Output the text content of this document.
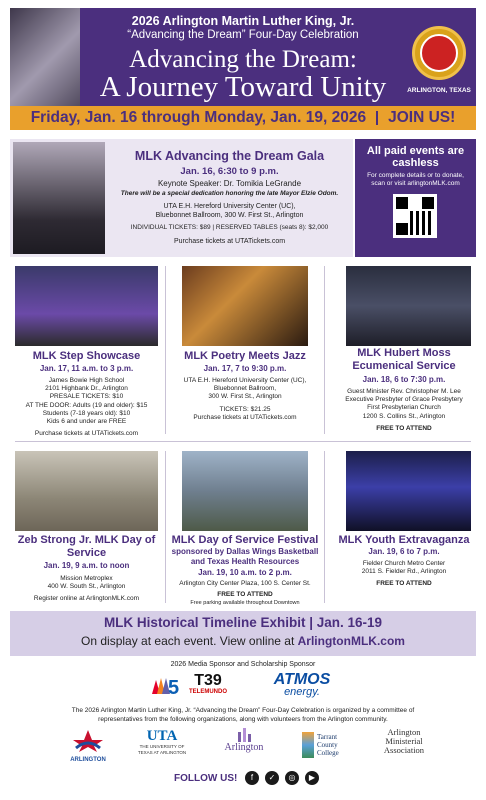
2026 Arlington Martin Luther King, Jr.
“Advancing the Dream” Four-Day Celebration
Advancing the Dream:
A Journey Toward Unity	ARLINGTON, TEXAS
Friday, Jan. 16 through Monday, Jan. 19, 2026 JOIN US!
MLK Advancing the Dream Gala
Jan. 16, 6:30 to 9 p.m.
Keynote Speaker: Dr. Tomikia LeGrande
There will be a special dedication honoring the late Mayor Elzie Odom.
UTA E.H. Hereford University Center (UC),
Bluebonnet Ballroom, 300 W. First St., Arlington
INDIVIDUAL TICKETS: $89 | RESERVED TABLES (seats 8): $2,000
Purchase tickets at UTATickets.com
All paid events are cashless
For complete details or to donate, scan or visit arlingtonMLK.com
MLK Step Showcase
Jan. 17, 11 a.m. to 3 p.m.
James Bowie High School
2101 Highbank Dr., Arlington
PRESALE TICKETS: $10
AT THE DOOR: Adults (19 and older): $15
Students (7-18 years old): $10
Kids 6 and under are FREE
Purchase tickets at UTATickets.com
MLK Poetry Meets Jazz
Jan. 17, 7 to 9:30 p.m.
UTA E.H. Hereford University Center (UC),
Bluebonnet Ballroom,
300 W. First St., Arlington
TICKETS: $21.25
Purchase tickets at UTATickets.com
MLK Hubert Moss Ecumenical Service
Jan. 18, 6 to 7:30 p.m.
Guest Minister Rev. Christopher M. Lee
Executive Presbyter of Grace Presbytery
First Presbyterian Church
1200 S. Collins St., Arlington
FREE TO ATTEND
Zeb Strong Jr. MLK Day of Service
Jan. 19, 9 a.m. to noon
Mission Metroplex
400 W. South St., Arlington
Register online at ArlingtonMLK.com
MLK Day of Service Festival
sponsored by Dallas Wings Basketball and Texas Health Resources
Jan. 19, 10 a.m. to 2 p.m.
Arlington City Center Plaza, 100 S. Center St.
FREE TO ATTEND
Free parking available throughout Downtown
MLK Youth Extravaganza
Jan. 19, 6 to 7 p.m.
Fielder Church Metro Center
2011 S. Fielder Rd., Arlington
FREE TO ATTEND
MLK Historical Timeline Exhibit | Jan. 16-19
On display at each event. View online at ArlingtonMLK.com
2026 Media Sponsor and Scholarship Sponsor
5 T39
TELEMUNDO
ATMOS
energy.
The 2026 Arlington Martin Luther King, Jr. “Advancing the Dream” Four-Day Celebration is organized by a committee of representatives from the following organizations, along with volunteers from the Arlington community.
ARLINGTON
UTA
THE UNIVERSITY OF TEXAS AT ARLINGTON	Arlington
Tarrant
County
College
Arlington
Ministerial
Association
FOLLOW US!	f	✓	◎	▶
